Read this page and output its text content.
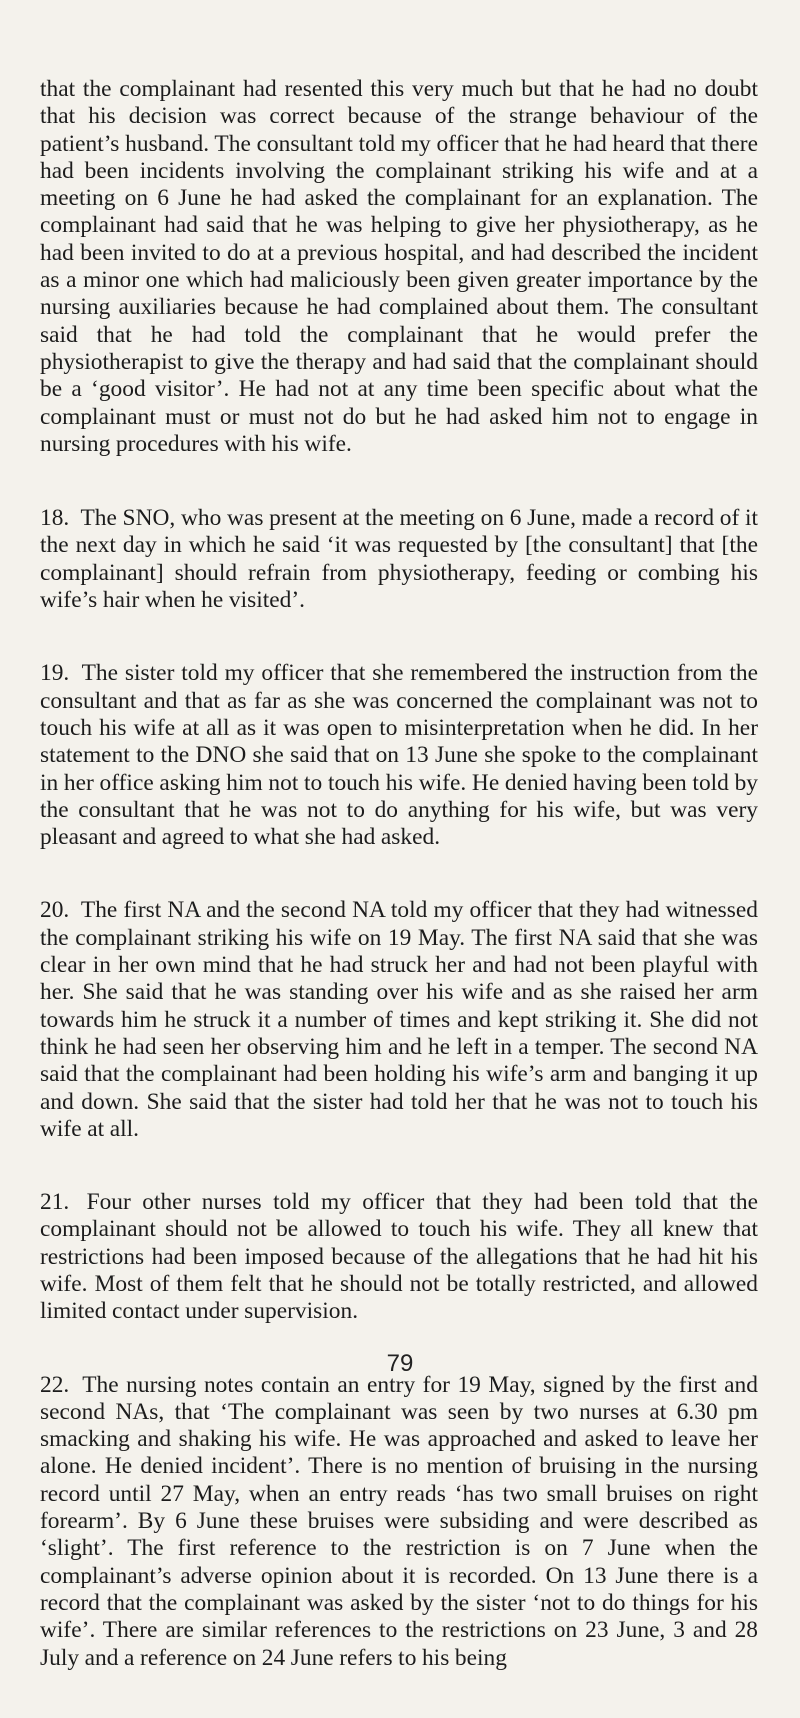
that the complainant had resented this very much but that he had no doubt that his decision was correct because of the strange behaviour of the patient’s husband. The consultant told my officer that he had heard that there had been incidents involving the complainant striking his wife and at a meeting on 6 June he had asked the complainant for an explanation. The complainant had said that he was helping to give her physiotherapy, as he had been invited to do at a previous hospital, and had described the incident as a minor one which had maliciously been given greater importance by the nursing auxiliaries because he had complained about them. The consultant said that he had told the complainant that he would prefer the physiotherapist to give the therapy and had said that the complainant should be a ‘good visitor’. He had not at any time been specific about what the complainant must or must not do but he had asked him not to engage in nursing procedures with his wife.

18. The SNO, who was present at the meeting on 6 June, made a record of it the next day in which he said ‘it was requested by [the consultant] that [the complainant] should refrain from physiotherapy, feeding or combing his wife’s hair when he visited’.

19. The sister told my officer that she remembered the instruction from the consultant and that as far as she was concerned the complainant was not to touch his wife at all as it was open to misinterpretation when he did. In her statement to the DNO she said that on 13 June she spoke to the complainant in her office asking him not to touch his wife. He denied having been told by the consultant that he was not to do anything for his wife, but was very pleasant and agreed to what she had asked.

20. The first NA and the second NA told my officer that they had witnessed the complainant striking his wife on 19 May. The first NA said that she was clear in her own mind that he had struck her and had not been playful with her. She said that he was standing over his wife and as she raised her arm towards him he struck it a number of times and kept striking it. She did not think he had seen her observing him and he left in a temper. The second NA said that the complainant had been holding his wife’s arm and banging it up and down. She said that the sister had told her that he was not to touch his wife at all.

21. Four other nurses told my officer that they had been told that the complainant should not be allowed to touch his wife. They all knew that restrictions had been imposed because of the allegations that he had hit his wife. Most of them felt that he should not be totally restricted, and allowed limited contact under supervision.

22. The nursing notes contain an entry for 19 May, signed by the first and second NAs, that ‘The complainant was seen by two nurses at 6.30 pm smacking and shaking his wife. He was approached and asked to leave her alone. He denied incident’. There is no mention of bruising in the nursing record until 27 May, when an entry reads ‘has two small bruises on right forearm’. By 6 June these bruises were subsiding and were described as ‘slight’. The first reference to the restriction is on 7 June when the complainant’s adverse opinion about it is recorded. On 13 June there is a record that the complainant was asked by the sister ‘not to do things for his wife’. There are similar references to the restrictions on 23 June, 3 and 28 July and a reference on 24 June refers to his being

79
